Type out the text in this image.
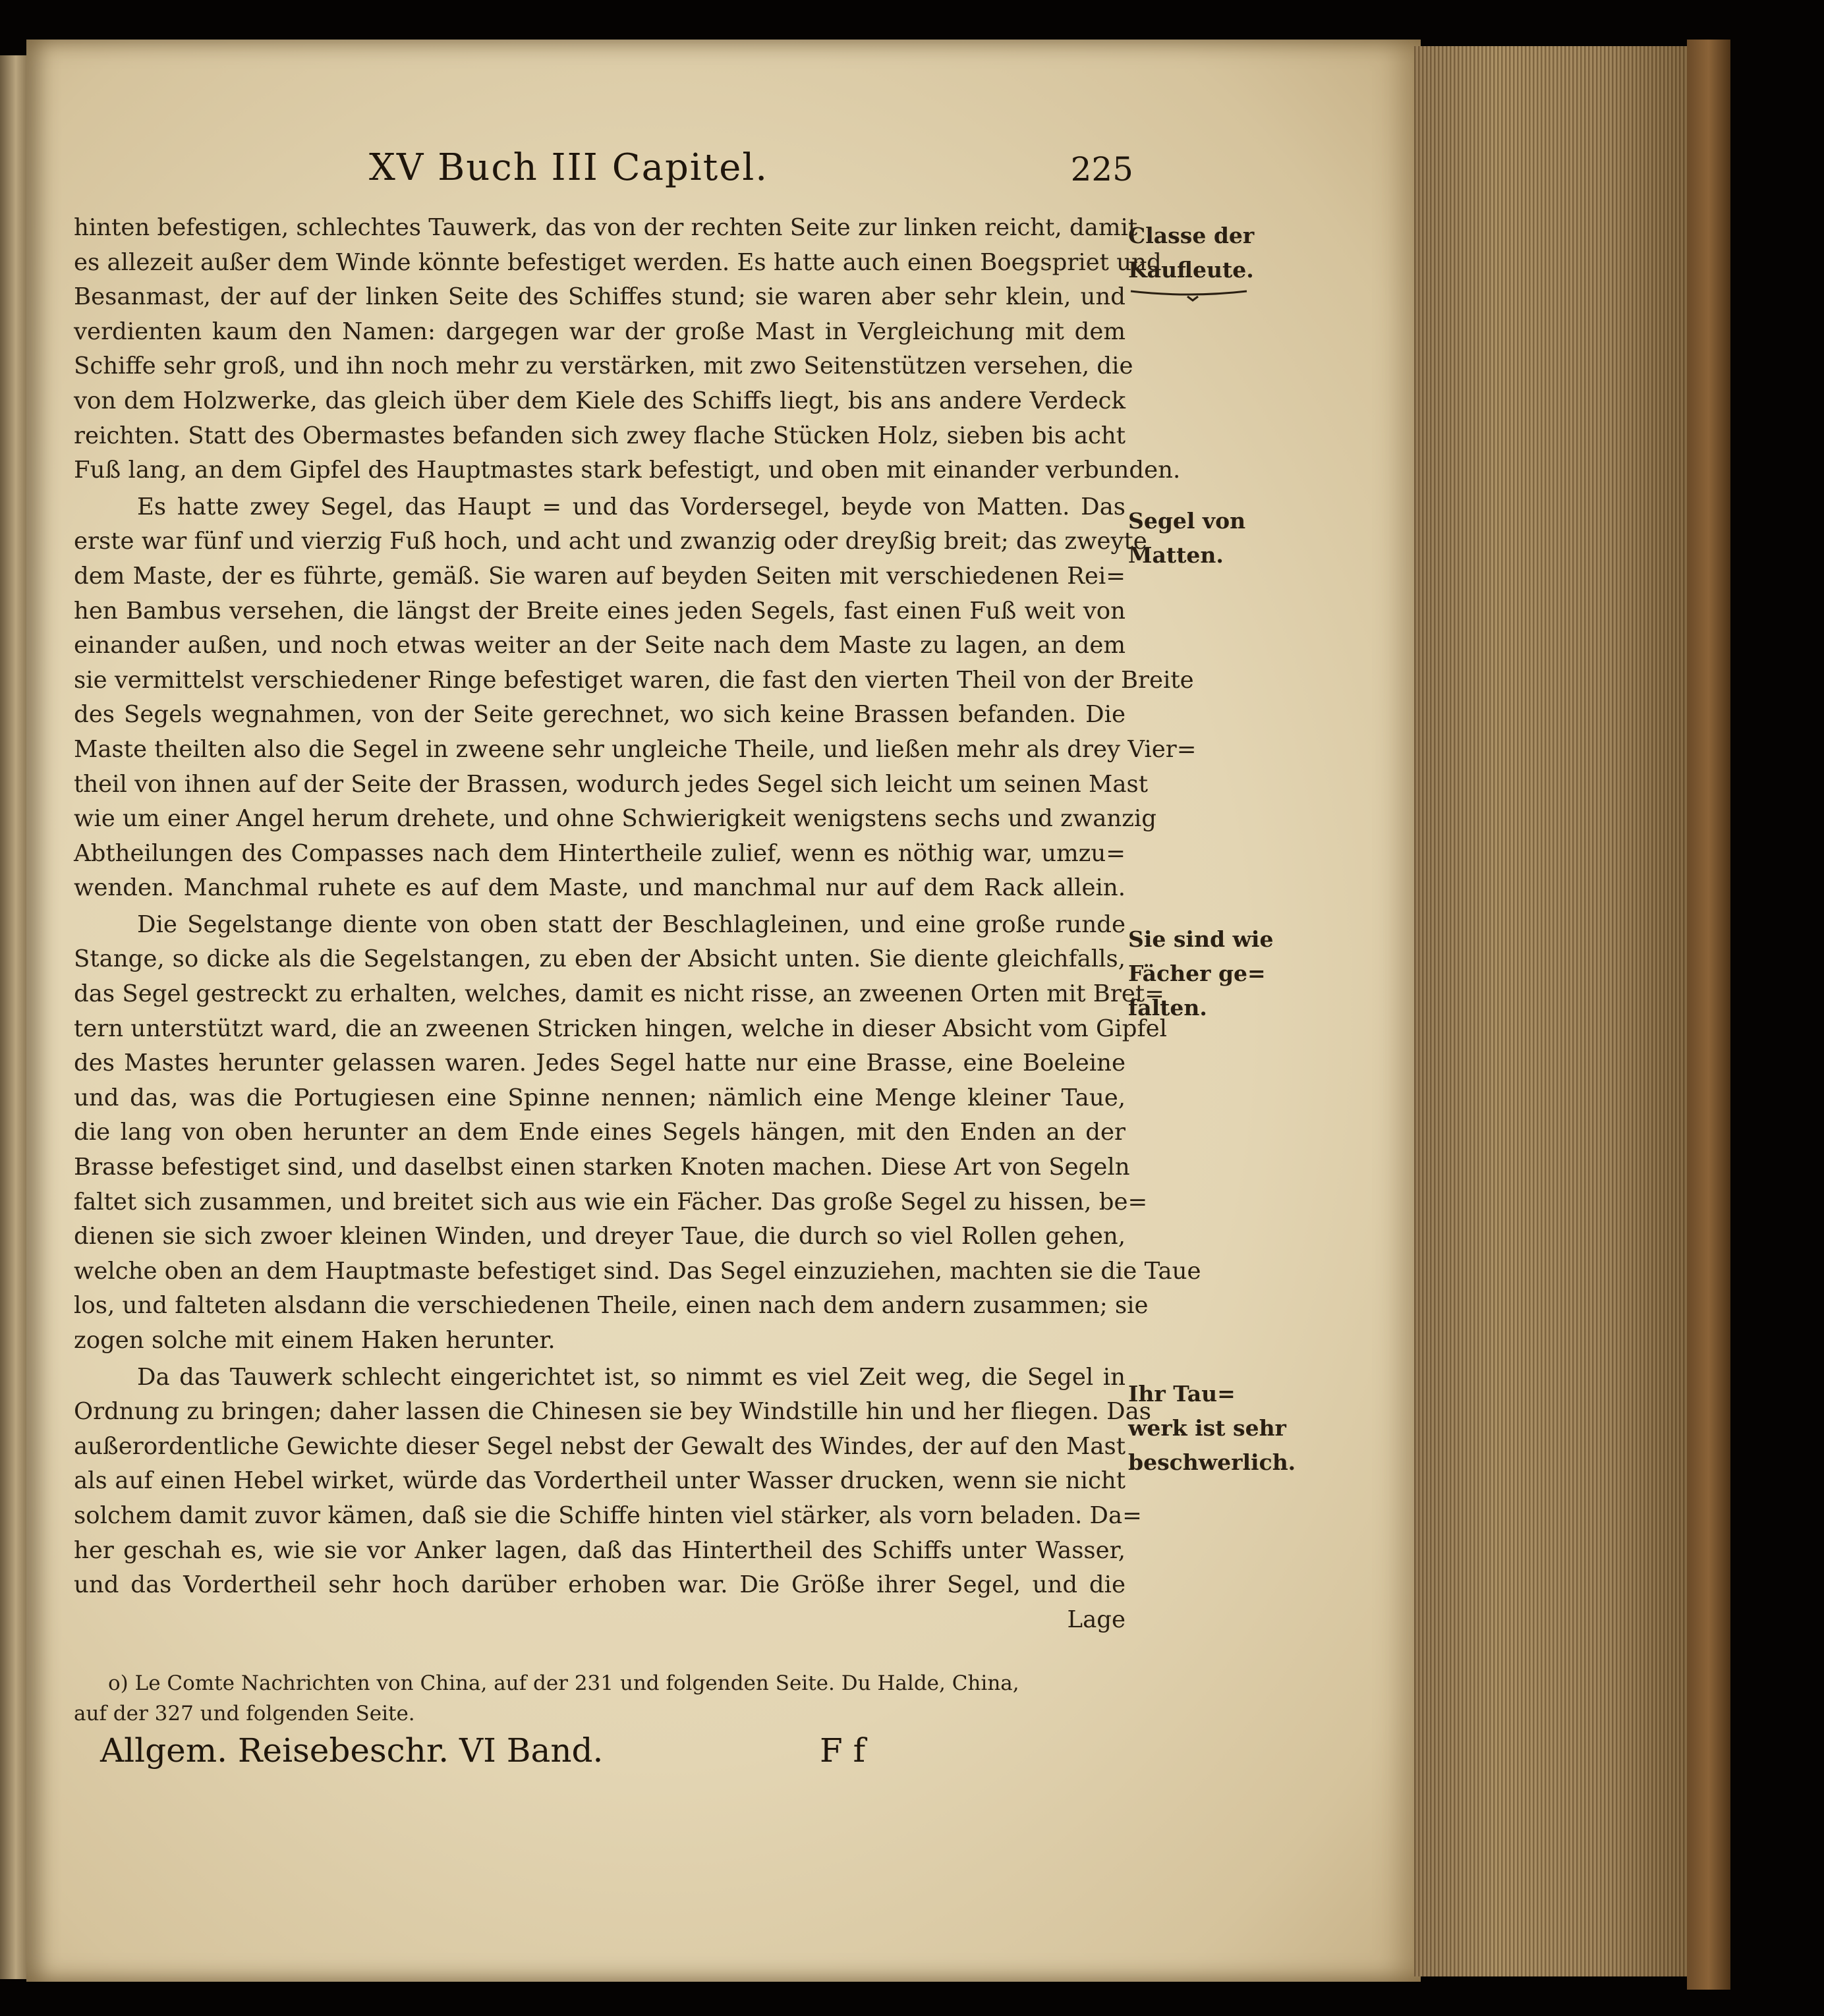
XV Buch III Capitel.	225
hinten befestigen, schlechtes Tauwerk, das von der rechten Seite zur linken reicht, damit
es allezeit außer dem Winde könnte befestiget werden. Es hatte auch einen Boegspriet und
Besanmast, der auf der linken Seite des Schiffes stund; sie waren aber sehr klein, und
verdienten kaum den Namen: dargegen war der große Mast in Vergleichung mit dem
Schiffe sehr groß, und ihn noch mehr zu verstärken, mit zwo Seitenstützen versehen, die
von dem Holzwerke, das gleich über dem Kiele des Schiffs liegt, bis ans andere Verdeck
reichten. Statt des Obermastes befanden sich zwey flache Stücken Holz, sieben bis acht
Fuß lang, an dem Gipfel des Hauptmastes stark befestigt, und oben mit einander verbunden.
Es hatte zwey Segel, das Haupt = und das Vordersegel, beyde von Matten. Das
erste war fünf und vierzig Fuß hoch, und acht und zwanzig oder dreyßig breit; das zweyte
dem Maste, der es führte, gemäß. Sie waren auf beyden Seiten mit verschiedenen Rei=
hen Bambus versehen, die längst der Breite eines jeden Segels, fast einen Fuß weit von
einander außen, und noch etwas weiter an der Seite nach dem Maste zu lagen, an dem
sie vermittelst verschiedener Ringe befestiget waren, die fast den vierten Theil von der Breite
des Segels wegnahmen, von der Seite gerechnet, wo sich keine Brassen befanden. Die
Maste theilten also die Segel in zweene sehr ungleiche Theile, und ließen mehr als drey Vier=
theil von ihnen auf der Seite der Brassen, wodurch jedes Segel sich leicht um seinen Mast
wie um einer Angel herum drehete, und ohne Schwierigkeit wenigstens sechs und zwanzig
Abtheilungen des Compasses nach dem Hintertheile zulief, wenn es nöthig war, umzu=
wenden. Manchmal ruhete es auf dem Maste, und manchmal nur auf dem Rack allein.
Die Segelstange diente von oben statt der Beschlagleinen, und eine große runde
Stange, so dicke als die Segelstangen, zu eben der Absicht unten. Sie diente gleichfalls,
das Segel gestreckt zu erhalten, welches, damit es nicht risse, an zweenen Orten mit Bret=
tern unterstützt ward, die an zweenen Stricken hingen, welche in dieser Absicht vom Gipfel
des Mastes herunter gelassen waren. Jedes Segel hatte nur eine Brasse, eine Boeleine
und das, was die Portugiesen eine Spinne nennen; nämlich eine Menge kleiner Taue,
die lang von oben herunter an dem Ende eines Segels hängen, mit den Enden an der
Brasse befestiget sind, und daselbst einen starken Knoten machen. Diese Art von Segeln
faltet sich zusammen, und breitet sich aus wie ein Fächer. Das große Segel zu hissen, be=
dienen sie sich zwoer kleinen Winden, und dreyer Taue, die durch so viel Rollen gehen,
welche oben an dem Hauptmaste befestiget sind. Das Segel einzuziehen, machten sie die Taue
los, und falteten alsdann die verschiedenen Theile, einen nach dem andern zusammen; sie
zogen solche mit einem Haken herunter.
Da das Tauwerk schlecht eingerichtet ist, so nimmt es viel Zeit weg, die Segel in
Ordnung zu bringen; daher lassen die Chinesen sie bey Windstille hin und her fliegen. Das
außerordentliche Gewichte dieser Segel nebst der Gewalt des Windes, der auf den Mast
als auf einen Hebel wirket, würde das Vordertheil unter Wasser drucken, wenn sie nicht
solchem damit zuvor kämen, daß sie die Schiffe hinten viel stärker, als vorn beladen. Da=
her geschah es, wie sie vor Anker lagen, daß das Hintertheil des Schiffs unter Wasser,
und das Vordertheil sehr hoch darüber erhoben war. Die Größe ihrer Segel, und die
Lage
Classe der
Kaufleute.
Segel von
Matten.
Sie sind wie
Fächer ge=
falten.
Ihr Tau=
werk ist sehr
beschwerlich.
o) Le Comte Nachrichten von China, auf der 231 und folgenden Seite. Du Halde, China,
auf der 327 und folgenden Seite.
Allgem. Reisebeschr. VI Band.	F f
